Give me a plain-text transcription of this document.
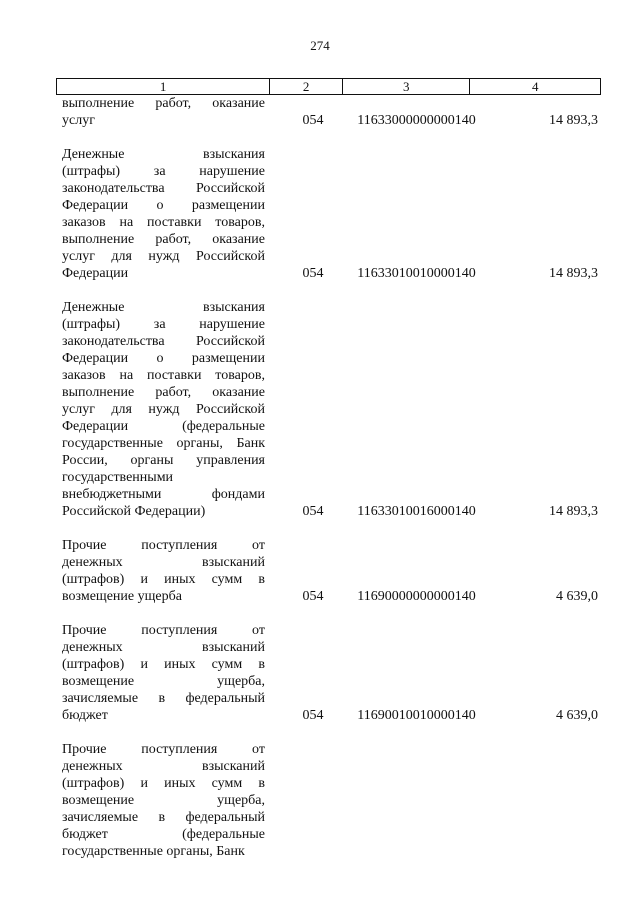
274
1	2	3	4
выполнение работ, оказание
услуг	054	11633000000000140	14 893,3
Денежные взыскания
(штрафы) за нарушение
законодательства Российской
Федерации о размещении
заказов на поставки товаров,
выполнение работ, оказание
услуг для нужд Российской
Федерации	054	11633010010000140	14 893,3
Денежные взыскания
(штрафы) за нарушение
законодательства Российской
Федерации о размещении
заказов на поставки товаров,
выполнение работ, оказание
услуг для нужд Российской
Федерации (федеральные
государственные органы, Банк
России, органы управления
государственными
внебюджетными фондами
Российской Федерации)	054	11633010016000140	14 893,3
Прочие поступления от
денежных взысканий
(штрафов) и иных сумм в
возмещение ущерба	054	11690000000000140	4 639,0
Прочие поступления от
денежных взысканий
(штрафов) и иных сумм в
возмещение ущерба,
зачисляемые в федеральный
бюджет	054	11690010010000140	4 639,0
Прочие поступления от
денежных взысканий
(штрафов) и иных сумм в
возмещение ущерба,
зачисляемые в федеральный
бюджет (федеральные
государственные органы, Банк
